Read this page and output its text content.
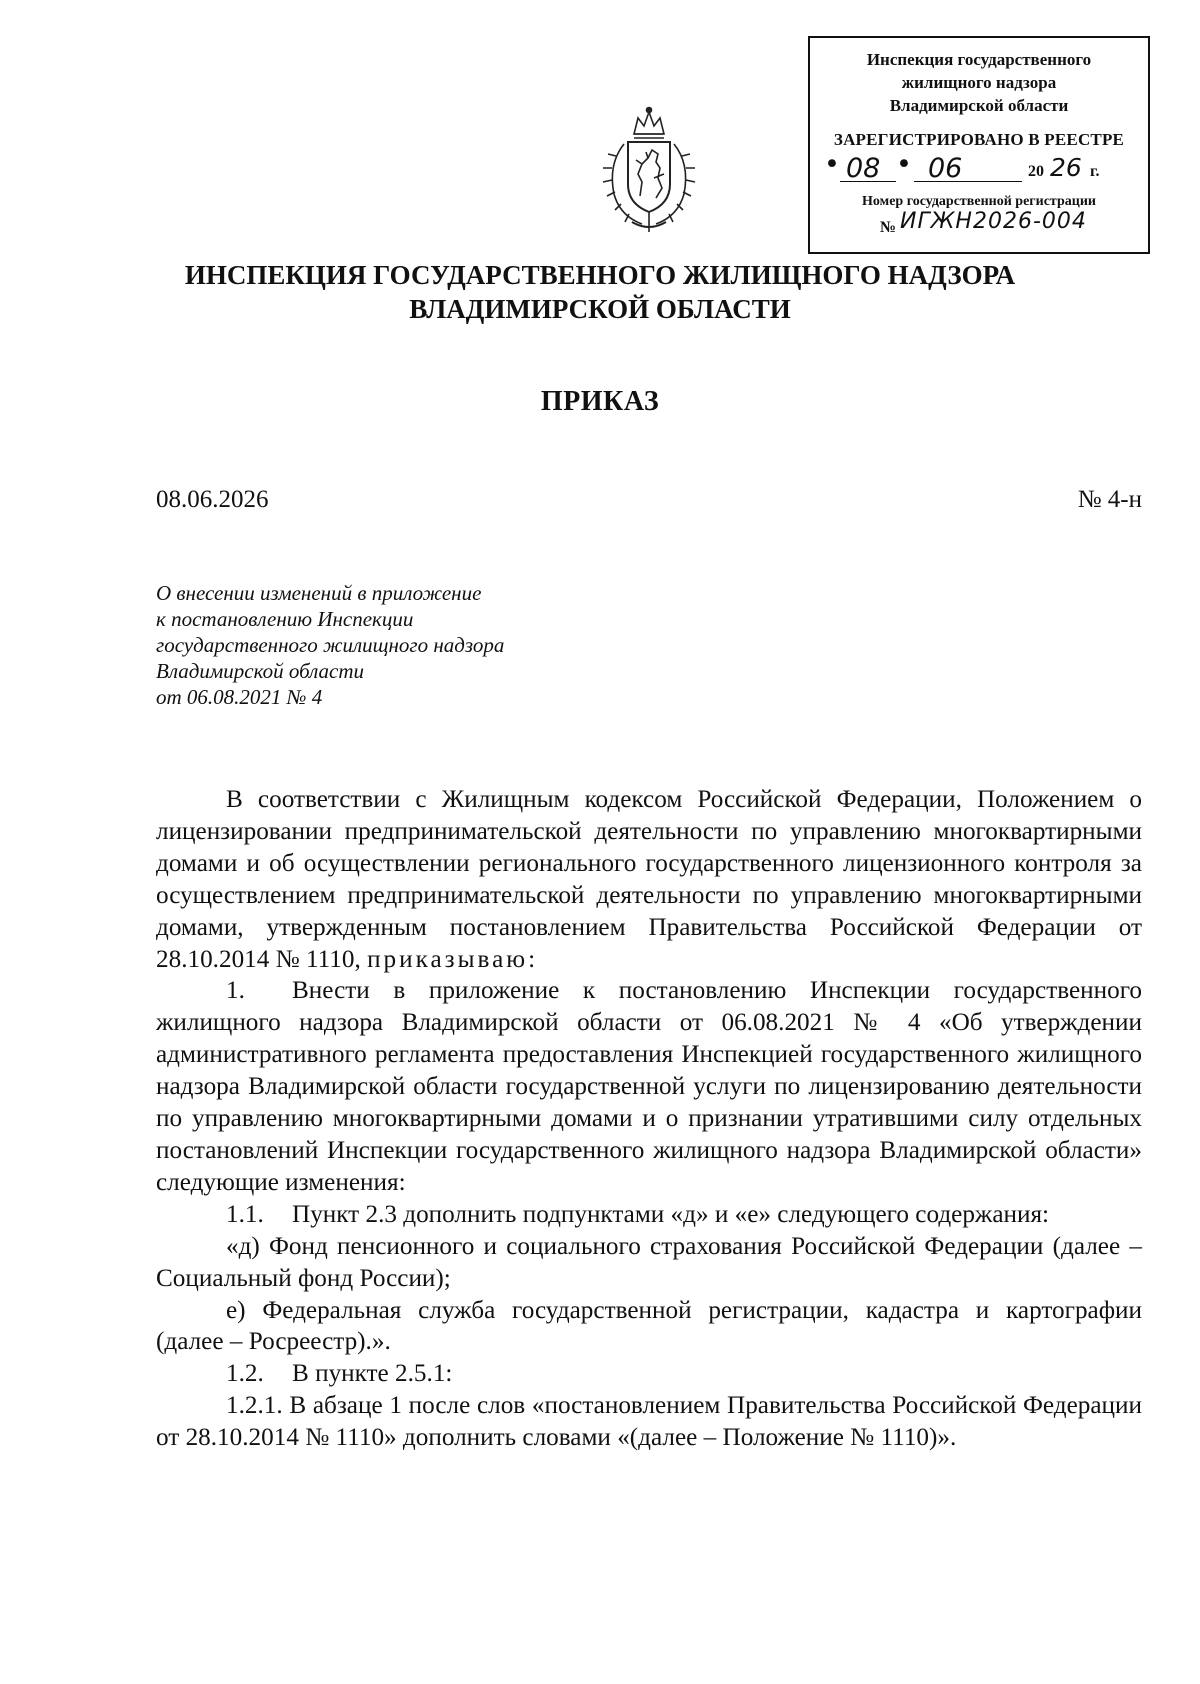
Инспекция государственного
жилищного надзора
Владимирской области
ЗАРЕГИСТРИРОВАНО В РЕЕСТРЕ
• 08 • 06	20 26 г.
Номер государственной регистрации
№ ИГЖН2026-004
ИНСПЕКЦИЯ ГОСУДАРСТВЕННОГО ЖИЛИЩНОГО НАДЗОРА
ВЛАДИМИРСКОЙ ОБЛАСТИ
ПРИКАЗ
08.06.2026	№ 4-н
О внесении изменений в приложение
к постановлению Инспекции
государственного жилищного надзора
Владимирской области
от 06.08.2021 № 4
В соответствии с Жилищным кодексом Российской Федерации, Положением о лицензировании предпринимательской деятельности по управлению многоквартирными домами и об осуществлении регионального государственного лицензионного контроля за осуществлением предпринимательской деятельности по управлению многоквартирными домами, утвержденным постановлением Правительства Российской Федерации от 28.10.2014 № 1110, приказываю:
1. Внести в приложение к постановлению Инспекции государственного жилищного надзора Владимирской области от 06.08.2021 № 4 «Об утверждении административного регламента предоставления Инспекцией государственного жилищного надзора Владимирской области государственной услуги по лицензированию деятельности по управлению многоквартирными домами и о признании утратившими силу отдельных постановлений Инспекции государственного жилищного надзора Владимирской области» следующие изменения:
1.1. Пункт 2.3 дополнить подпунктами «д» и «е» следующего содержания:
«д) Фонд пенсионного и социального страхования Российской Федерации (далее – Социальный фонд России);
е) Федеральная служба государственной регистрации, кадастра и картографии (далее – Росреестр).».
1.2. В пункте 2.5.1:
1.2.1. В абзаце 1 после слов «постановлением Правительства Российской Федерации от 28.10.2014 № 1110» дополнить словами «(далее – Положение № 1110)».
